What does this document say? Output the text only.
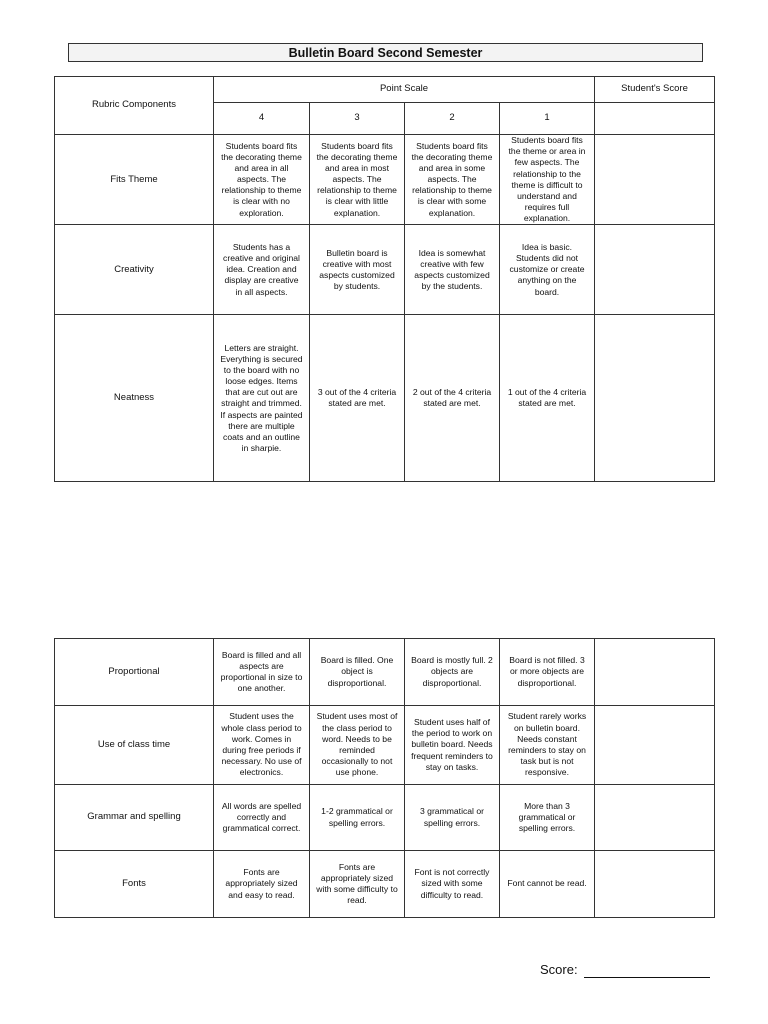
Bulletin Board Second Semester
Rubric Components	Point Scale				Student's Score
	4	3	2	1	
Fits Theme	Students board fits the decorating theme and area in all aspects. The relationship to theme is clear with no exploration.	Students board fits the decorating theme and area in most aspects. The relationship to theme is clear with little explanation.	Students board fits the decorating theme and area in some aspects. The relationship to theme is clear with some explanation.	Students board fits the theme or area in few aspects. The relationship to the theme is difficult to understand and requires full explanation.	
Creativity	Students has a creative and original idea. Creation and display are creative in all aspects.	Bulletin board is creative with most aspects customized by students.	Idea is somewhat creative with few aspects customized by the students.	Idea is basic. Students did not customize or create anything on the board.	
Neatness	Letters are straight. Everything is secured to the board with no loose edges. Items that are cut out are straight and trimmed. If aspects are painted there are multiple coats and an outline in sharpie.	3 out of the 4 criteria stated are met.	2 out of the 4 criteria stated are met.	1 out of the 4 criteria stated are met.	
Proportional	Board is filled and all aspects are proportional in size to one another.	Board is filled. One object is disproportional.	Board is mostly full. 2 objects are disproportional.	Board is not filled. 3 or more objects are disproportional.	
Use of class time	Student uses the whole class period to work. Comes in during free periods if necessary. No use of electronics.	Student uses most of the class period to word. Needs to be reminded occasionally to not use phone.	Student uses half of the period to work on bulletin board. Needs frequent reminders to stay on tasks.	Student rarely works on bulletin board. Needs constant reminders to stay on task but is not responsive.	
Grammar and spelling	All words are spelled correctly and grammatical correct.	1-2 grammatical or spelling errors.	3 grammatical or spelling errors.	More than 3 grammatical or spelling errors.	
Fonts	Fonts are appropriately sized and easy to read.	Fonts are appropriately sized with some difficulty to read.	Font is not correctly sized with some difficulty to read.	Font cannot be read.	
Score:
